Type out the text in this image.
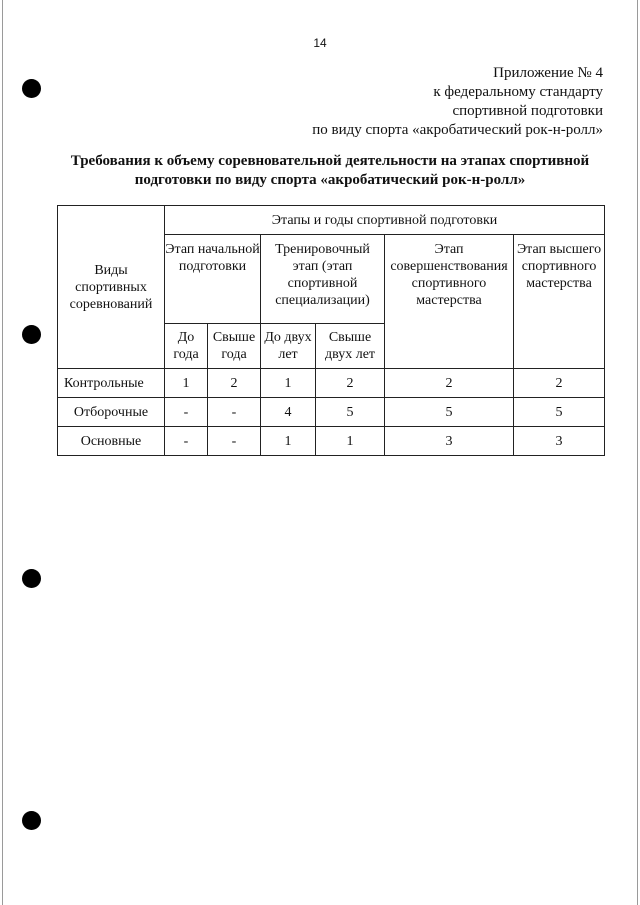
14
Приложение № 4
к федеральному стандарту
спортивной подготовки
по виду спорта «акробатический рок-н-ролл»
Требования к объему соревновательной деятельности на этапах спортивной
подготовки по виду спорта «акробатический рок-н-ролл»
Виды спортивных соревнований	Этапы и годы спортивной подготовки					
	Этап начальной подготовки		Тренировочный этап (этап спортивной специализации)		Этап совершенствования спортивного мастерства	Этап высшего спортивного мастерства
	До года	Свыше года	До двух лет	Свыше двух лет		
Контрольные	1	2	1	2	2	2
Отборочные	-	-	4	5	5	5
Основные	-	-	1	1	3	3
